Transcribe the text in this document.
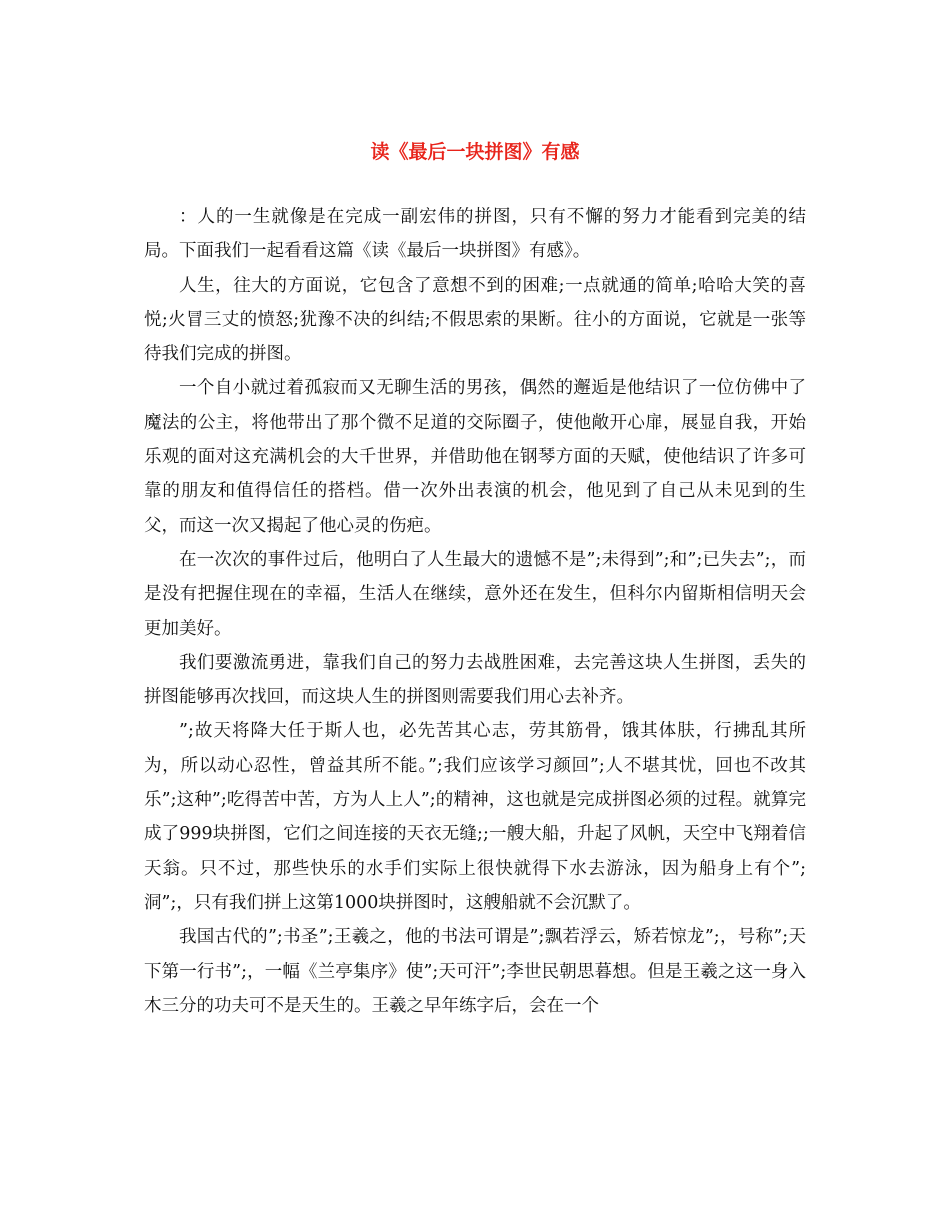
读《最后一块拼图》有感

：人的一生就像是在完成一副宏伟的拼图，只有不懈的努力才能看到完美的结局。下面我们一起看看这篇《读《最后一块拼图》有感》。

人生，往大的方面说，它包含了意想不到的困难;一点就通的简单;哈哈大笑的喜悦;火冒三丈的愤怒;犹豫不决的纠结;不假思索的果断。往小的方面说，它就是一张等待我们完成的拼图。

一个自小就过着孤寂而又无聊生活的男孩，偶然的邂逅是他结识了一位仿佛中了魔法的公主，将他带出了那个微不足道的交际圈子，使他敞开心扉，展显自我，开始乐观的面对这充满机会的大千世界，并借助他在钢琴方面的天赋，使他结识了许多可靠的朋友和值得信任的搭档。借一次外出表演的机会，他见到了自己从未见到的生父，而这一次又揭起了他心灵的伤疤。

在一次次的事件过后，他明白了人生最大的遗憾不是”;未得到”;和”;已失去”;，而是没有把握住现在的幸福，生活人在继续，意外还在发生，但科尔内留斯相信明天会更加美好。

我们要激流勇进，靠我们自己的努力去战胜困难，去完善这块人生拼图，丢失的拼图能够再次找回，而这块人生的拼图则需要我们用心去补齐。

”;故天将降大任于斯人也，必先苦其心志，劳其筋骨，饿其体肤，行拂乱其所为，所以动心忍性，曾益其所不能。”;我们应该学习颜回”;人不堪其忧，回也不改其乐”;这种”;吃得苦中苦，方为人上人”;的精神，这也就是完成拼图必须的过程。就算完成了999块拼图，它们之间连接的天衣无缝;;一艘大船，升起了风帆，天空中飞翔着信天翁。只不过，那些快乐的水手们实际上很快就得下水去游泳，因为船身上有个”;洞”;，只有我们拼上这第1000块拼图时，这艘船就不会沉默了。

我国古代的”;书圣”;王羲之，他的书法可谓是”;飘若浮云，矫若惊龙”;，号称”;天下第一行书”;，一幅《兰亭集序》使”;天可汗”;李世民朝思暮想。但是王羲之这一身入木三分的功夫可不是天生的。王羲之早年练字后，会在一个
